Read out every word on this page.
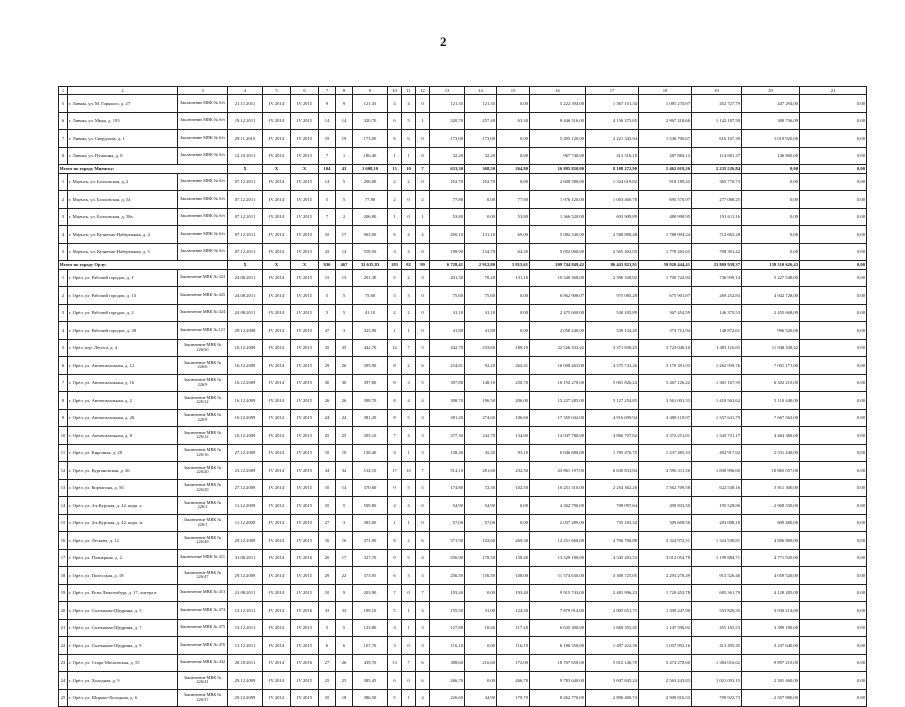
2
1	2	3	4	5	6	7	8	9	10	11	12	13	14	15	16	17	18	19	20	21
5	г. Ливны, ул. М. Горького, д. 27	Заключение МВК № б/н	21.11.2011	IV 2014	IV 2015	9	9	121.35	4	4	0	121.35	121.35	0,00	5 222 394,00	1 367 101,34	1 085 270,87	452 727,79	447 294,00	0,00
6	г. Ливны, ул. Мира, д. 193	Заключение МВК № б/н	19.12.2011	IV 2014	IV 2015	14	14	320,70	6	5	1	320,70	257,40	63,30	8 446 516,00	4 136 375,65	2 867 218,66	1 142 187,58	300 736,00	0,00
7	г. Ливны, ул. Свердлова, д. 1	Заключение МВК № б/н	29.11.2010	IV 2014	IV 2015	19	19	173,00	6	6	0	173,00	173,00	0,00	5 495 120,00	2 221 345,94	1 546 706,67	616 167,39	1 010 920,00	0,00
8	г. Ливны, ул. Пушкина, д. 8	Заключение МВК № б/н	12.10.2011	IV 2014	IV 2015	7	1	186,40	1	1	0	32,20	32,20	0,00	967 740,00	413 316,10	287 884,13	114 681,37	146 860,00	0,00
Итого по городу Мценску:			X	X	X	104	43	1 608,10	13	10	7	633,30	368,50	264,80	16 085 820,00	8 108 272,90	5 462 019,26	2 235 526,84	0,00	0,00
1	г. Мценск, ул. Болховская, д. 2	Заключение МВК № б/н	07.12.2011	IV 2014	IV 2015	14	5	206,00	2	2	0	102,70	102,70	0,00	2 608 580,00	1 324 619,82	918 189,45	365 770,73	0,00	0,00
2	г. Мценск, ул. Болховская, д. 54	Заключение МВК № б/н	07.12.2011	IV 2014	IV 2015	5	5	77,80	2	0	2	77,80	0,00	77,80	1 976 120,00	1 003 460,78	695 570,97	277 088,25	0,00	0,00
3	г. Мценск, ул. Болховская, д. 58а	Заключение МВК № б/н	07.12.2011	IV 2014	IV 2015	7	2	206,80	1	0	1	53,80	0,00	53,80	1 366 520,00	693 909,89	480 998,95	191 611,16	0,00	0,00
4	г. Мценск, ул. Кузнечно-Набережная, д. 4	Заключение МВК № б/н	07.12.2011	IV 2014	IV 2015	35	17	963,00	6	4	2	200,10	131,10	69,00	5 082 540,00	2 580 880,48	1 788 994,24	712 665,28	0,00	0,00
5	г. Мценск, ул. Кузнечно-Набережная, д. 5	Заключение МВК № б/н	07.12.2011	IV 2014	IV 2015	43	14	558,50	4	4	0	198,90	134,70	64,20	5 052 060,00	2 565 402,93	1 778 265,65	708 391,42	0,00	0,00
Итого по городу Орлу:			X	X	X	936	467	32 635,83	183	82	99	6 728,41	2 912,80	3 815,61	209 744 849,42	86 443 823,91	59 920 444,41	23 869 939,37	139 510 626,43	0,00
1	г. Орёл, ул. Рабочий городок, д. 1	Заключение МВК № 423	24.08.2011	IV 2014	IV 2015	15	15	201,30	5	2	3	201,30	70,20	131,10	10 340 368,00	2 396 338,02	1 700 722,84	736 939,14	5 227 548,00	0,00
2	г. Орёл, ул. Рабочий городок, д. 13	Заключение МВК № 425	24.08.2011	IV 2014	IV 2015	5	5	75,60	3	3	0	75,60	75,60	0,00	6 862 908,07	975 085,28	675 901,87	269 252,83	4 942 728,00	0,00
3	г. Орёл, ул. Рабочий городок, д. 2	Заключение МВК № 424	24.08.2011	IV 2014	IV 2015	5	5	41,10	2	2	0	41,10	41,10	0,00	2 475 600,00	530 105,89	367 454,59	146 379,53	2 455 668,00	0,00
4	г. Орёл, ул. Рабочий городок, д. 38	Заключение МВК № 121	29.12.2008	IV 2014	IV 2015	47	3	423,90	1	1	0	41,80	41,80	0,00	2 058 240,00	539 134,45	373 712,94	148 872,61	996 520,00	0,00
5	г. Орёл, пер. Лесиса, д. 4	Заключение МВК № 226/50	16.12.2009	IV 2014	IV 2015	35	35	442,70	12	7	5	442,70	233,60	189,10	22 526 333,42	3 371 030,25	3 723 048,10	1 483 116,65	11 948 338,42	0,00
6	г. Орёл, ул. Автовокзальная, д. 12	Заключение МВК № 226/6	16.12.2009	IV 2014	IV 2015	29	26	395,90	8	2	6	254,81	92,20	262,41	16 008 263,00	4 575 743,26	3 170 391,03	1 262 939,76	7 001 171,00	0,00
7	г. Орёл, ул. Автовокзальная, д. 16	Заключение МВК № 226/9	16.12.2009	IV 2014	IV 2015	30	30	397,80	8	3	5	397,80	148,10	250,70	16 152 270,00	5 001 826,24	3 467 126,22	1 381 167,39	6 302 210,00	0,00
8	г. Орёл, ул. Автовокзальная, д. 2	Заключение МВК № 226/12	16.12.2009	IV 2014	IV 2015	26	26	398,70	8	4	4	398,70	196,50	206,00	15 227 285,00	5 127 254,85	3 561 001,53	1 418 563,62	5 110 440,00	0,00
9	г. Орёл, ул. Автовокзальная, д. 20	Заключение МВК № 226/9	16.12.2009	IV 2014	IV 2015	24	24	381,20	8	5	3	381,20	274,60	106,60	17 350 042,00	4 916 699,94	3 408 118,97	1 357 641,79	7 667 562,00	0,00
10	г. Орёл, ул. Автовокзальная, д. 8	Заключение МВК № 226/12	16.12.2009	IV 2014	IV 2015	25	25	395,10	7	4	3	377,30	242,70	134,60	14 047 780,00	4 866 707,82	3 372 251,01	1 343 731,17	4 464 360,00	0,00
11	г. Орёл, ул. Кирочная, д. 28	Заключение МВК № 226/16	27.12.2009	IV 2014	IV 2015	10	10	138,40	4	1	3	138,40	45,20	93,10	6 046 680,00	1 785 476,75	1 237 485,33	492 917,92	2 531 240,00	0,00
12	г. Орёл, ул. Кургановская, д. 26	Заключение МВК № 226/20	23.12.2009	IV 2014	IV 2015	34	34	514,10	17	10	7	514,10	281,60	232,50	23 861 197,00	6 630 833,84	4 596 311,56	1 830 996,60	10 865 057,00	0,00
13	г. Орёл, ул. Корчагина, д. 56	Заключение МВК № 226/29	27.12.2009	IV 2014	IV 2015	10	14	370,60	9	5	5	174,80	72,30	102,50	10 251 310,00	2 254 362,26	1 562 709,58	622 538,16	5 811 300,00	0,00
14	г. Орёл, ул. 4-я Курская, д. 42, корп. а	Заключение МВК № 226/1	11.12.2009	IV 2014	IV 2015	35	5	509,80	4	4	0	54,90	54,90	0,00	4 362 790,00	708 097,64	490 833,50	195 528,86	2 968 330,00	0,00
15	г. Орёл, ул. 4-я Курская, д. 42, корп. м	Заключение МВК № 226/1	11.12.2009	IV 2014	IV 2015	27	3	383,00	1	1	0	57,00	57,00	0,00	2 037 289,00	735 183,34	509 608,56	203 008,10	609 480,00	0,00
16	г. Орёл, ул. Лескова, д. 12	Заключение МВК № 226/49	29.12.2009	IV 2014	IV 2015	16	16	371,90	8	2	6	371,90	102,60	269,30	14 251 660,00	4 796 768,88	3 324 972,51	1 324 538,81	4 806 800,00	0,00
17	г. Орёл, ул. Планерная, д. 2	Заключение МВК № 411	31.08.2011	IV 2014	IV 2016	20	17	327,70	9	5	4	356,90	178,50	158,40	13 529 180,00	4 345 203,53	3 012 054,78	1 199 884,71	4 771 920,00	0,00
18	г. Орёл, ул. Полесская, д. 18	Заключение МВК № 226/47	29.12.2009	IV 2014	IV 2015	29	22	373,95	6	3	3	256,50	156,50	108,00	11 574 630,00	3 308 725,05	2 293 278,49	913 526,46	4 059 520,00	0,00
19	г. Орёл, ул. Розы Люксембург, д. 17, литера в	Заключение МВК № 413	21.08.2011	IV 2014	IV 2015	10	9	203,90	7	0	7	193,40	0,00	193,40	9 915 743,00	2 481 996,23	1 720 452,78	685 361,79	4 128 285,00	0,00
20	г. Орёл, ул. Салтыкова-Щедрина, д. 5	Заключение МВК № 474	13.12.2011	IV 2014	IV 2016	33	33	199,10	5	1	4	155,50	31,00	124,50	7 879 914,00	2 005 651,75	1 390 247,90	553 820,35	3 930 214,00	0,00
21	г. Орёл, ул. Салтыкова-Щедрина, д. 7	Заключение МВК № 475	13.12.2011	IV 2014	IV 2015	5	5	123,80	4	1	3	127,80	10,60	117,20	6 635 300,00	1 668 355,45	1 147 596,02	455 165,53	3 389 180,00	0,00
22	г. Орёл, ул. Салтыкова-Щедрина, д. 9	Заключение МВК № 476	13.12.2011	IV 2014	IV 2015	6	6	107,70	3	0	3	116,10	0,00	116,10	6 186 550,00	1 497 422,39	1 037 992,16	413 495,45	3 237 640,00	0,00
23	г. Орёл, ул. Старо-Московская, д. 55	Заключение МВК № 442	28.10.2011	IV 2014	IV 2016	27	26	439,70	13	7	6	388,60	216,60	172,00	18 767 650,00	5 012 146,70	3 474 278,60	1 384 016,62	9 897 210,00	0,00
24	г. Орёл, ул. Холодная, д. 9	Заключение МВК № 226/41	29.12.2009	IV 2014	IV 2015	25	25	385,45	6	0	6	266,70	0,00	266,70	9 783 640,00	3 697 845,24	2 563 243,83	1 021 093,15	2 501 460,00	0,00
25	г. Орёл, ул. Широко-Холодная, д. 6	Заключение МВК № 226/37	29.12.2009	IV 2014	IV 2015	35	18	386,50	5	1	4	226,60	44,90	179,70	8 262 770,00	2 896 400,74	2 908 016,53	799 923,73	2 357 880,00	0,00
